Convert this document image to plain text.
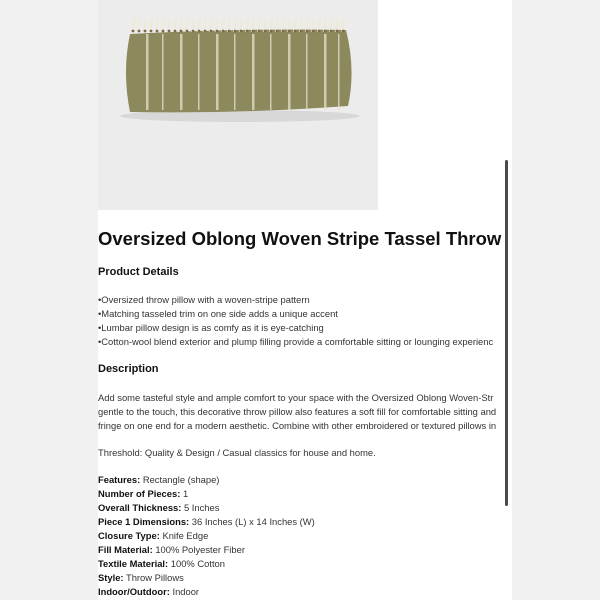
Oversized Oblong Woven Stripe Tassel Throw
Product Details
•Oversized throw pillow with a woven-stripe pattern
•Matching tasseled trim on one side adds a unique accent
•Lumbar pillow design is as comfy as it is eye-catching
•Cotton-wool blend exterior and plump filling provide a comfortable sitting or lounging experienc
Description
Add some tasteful style and ample comfort to your space with the Oversized Oblong Woven-Str
gentle to the touch, this decorative throw pillow also features a soft fill for comfortable sitting and
fringe on one end for a modern aesthetic. Combine with other embroidered or textured pillows in
Threshold: Quality & Design / Casual classics for house and home.
Features: Rectangle (shape)
Number of Pieces: 1
Overall Thickness: 5 Inches
Piece 1 Dimensions: 36 Inches (L) x 14 Inches (W)
Closure Type: Knife Edge
Fill Material: 100% Polyester Fiber
Textile Material: 100% Cotton
Style: Throw Pillows
Indoor/Outdoor: Indoor
